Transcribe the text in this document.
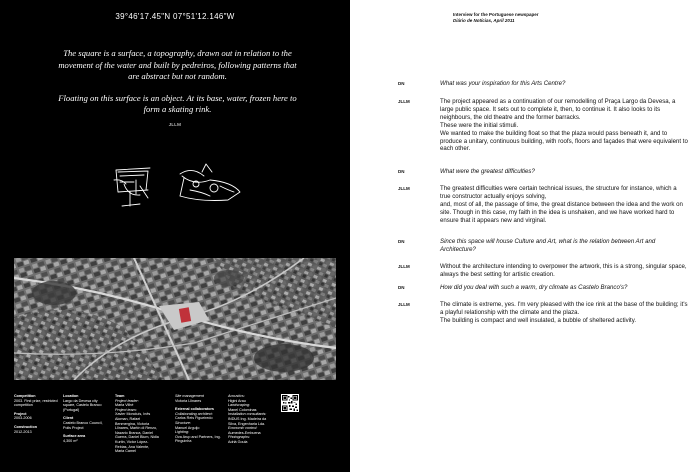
39°46'17.45"N 07°51'12.146"W

The square is a surface, a topography, drawn out in relation to the movement of the water and built by pedreiros, following patterns that are abstract but not random.

Floating on this surface is an object. At its base, water, frozen here to form a skating rink.

JLLM
Competition
2003. First prize, restricted competition
Project
2003-2006
Construction
2012-2013
Location
Largo da Devesa city square, Castelo Branco (Portugal)
Client
Castelo Branco Council, Polis Project
Surface area
4,300 m²
Team
Project leader:
Maria Vilhé
Project team:
Xavier Moncluís, Inês Aloman, Rafael Benmergina, Victoria Llinares, Martín di Renzo, Nazario Branca, Daniel Guerra, Daniel Blum, Nidia Kurtin, Victor López-Rebias, Ana Valente, Maria Camel
Site management
Victoria Llinares
External collaborators
Collaborating architect:
Carlos Reis Figueiredo
Structure:
Manuel Arguijo
Lighting:
Ova Arup and Partners, Ing. Pinguinha
Acoustics:
Higini Arau
Landscaping:
Manel Colominas
Installation consultants:
INDUS Ing. Madeira da Silva, Engenharia Lda.
Economic control:
Aumedes-Embuena
Photographs:
Adrià Goula
Interview for the Portuguese newspaper
Diário de Notícias, April 2011
DN	What was your inspiration for this Arts Centre?
JLLM	The project appeared as a continuation of our remodelling of Praça Largo da Devesa, a large public space. It sets out to complete it, then, to continue it. It also looks to its neighbours, the old theatre and the former barracks.
These were the initial stimuli.
We wanted to make the building float so that the plaza would pass beneath it, and to produce a unitary, continuous building, with roofs, floors and façades that were equivalent to each other.
DN	What were the greatest difficulties?
JLLM	The greatest difficulties were certain technical issues, the structure for instance, which a true constructor actually enjoys solving,
and, most of all, the passage of time, the great distance between the idea and the work on site. Though in this case, my faith in the idea is unshaken, and we have worked hard to ensure that it appears new and virginal.
DN	Since this space will house Culture and Art, what is the relation between Art and Architecture?
JLLM	Without the architecture intending to overpower the artwork, this is a strong, singular space, always the best setting for artistic creation.
DN	How did you deal with such a warm, dry climate as Castelo Branco's?
JLLM	The climate is extreme, yes. I'm very pleased with the ice rink at the base of the building; it's a playful relationship with the climate and the plaza.
The building is compact and well insulated, a bubble of sheltered activity.
